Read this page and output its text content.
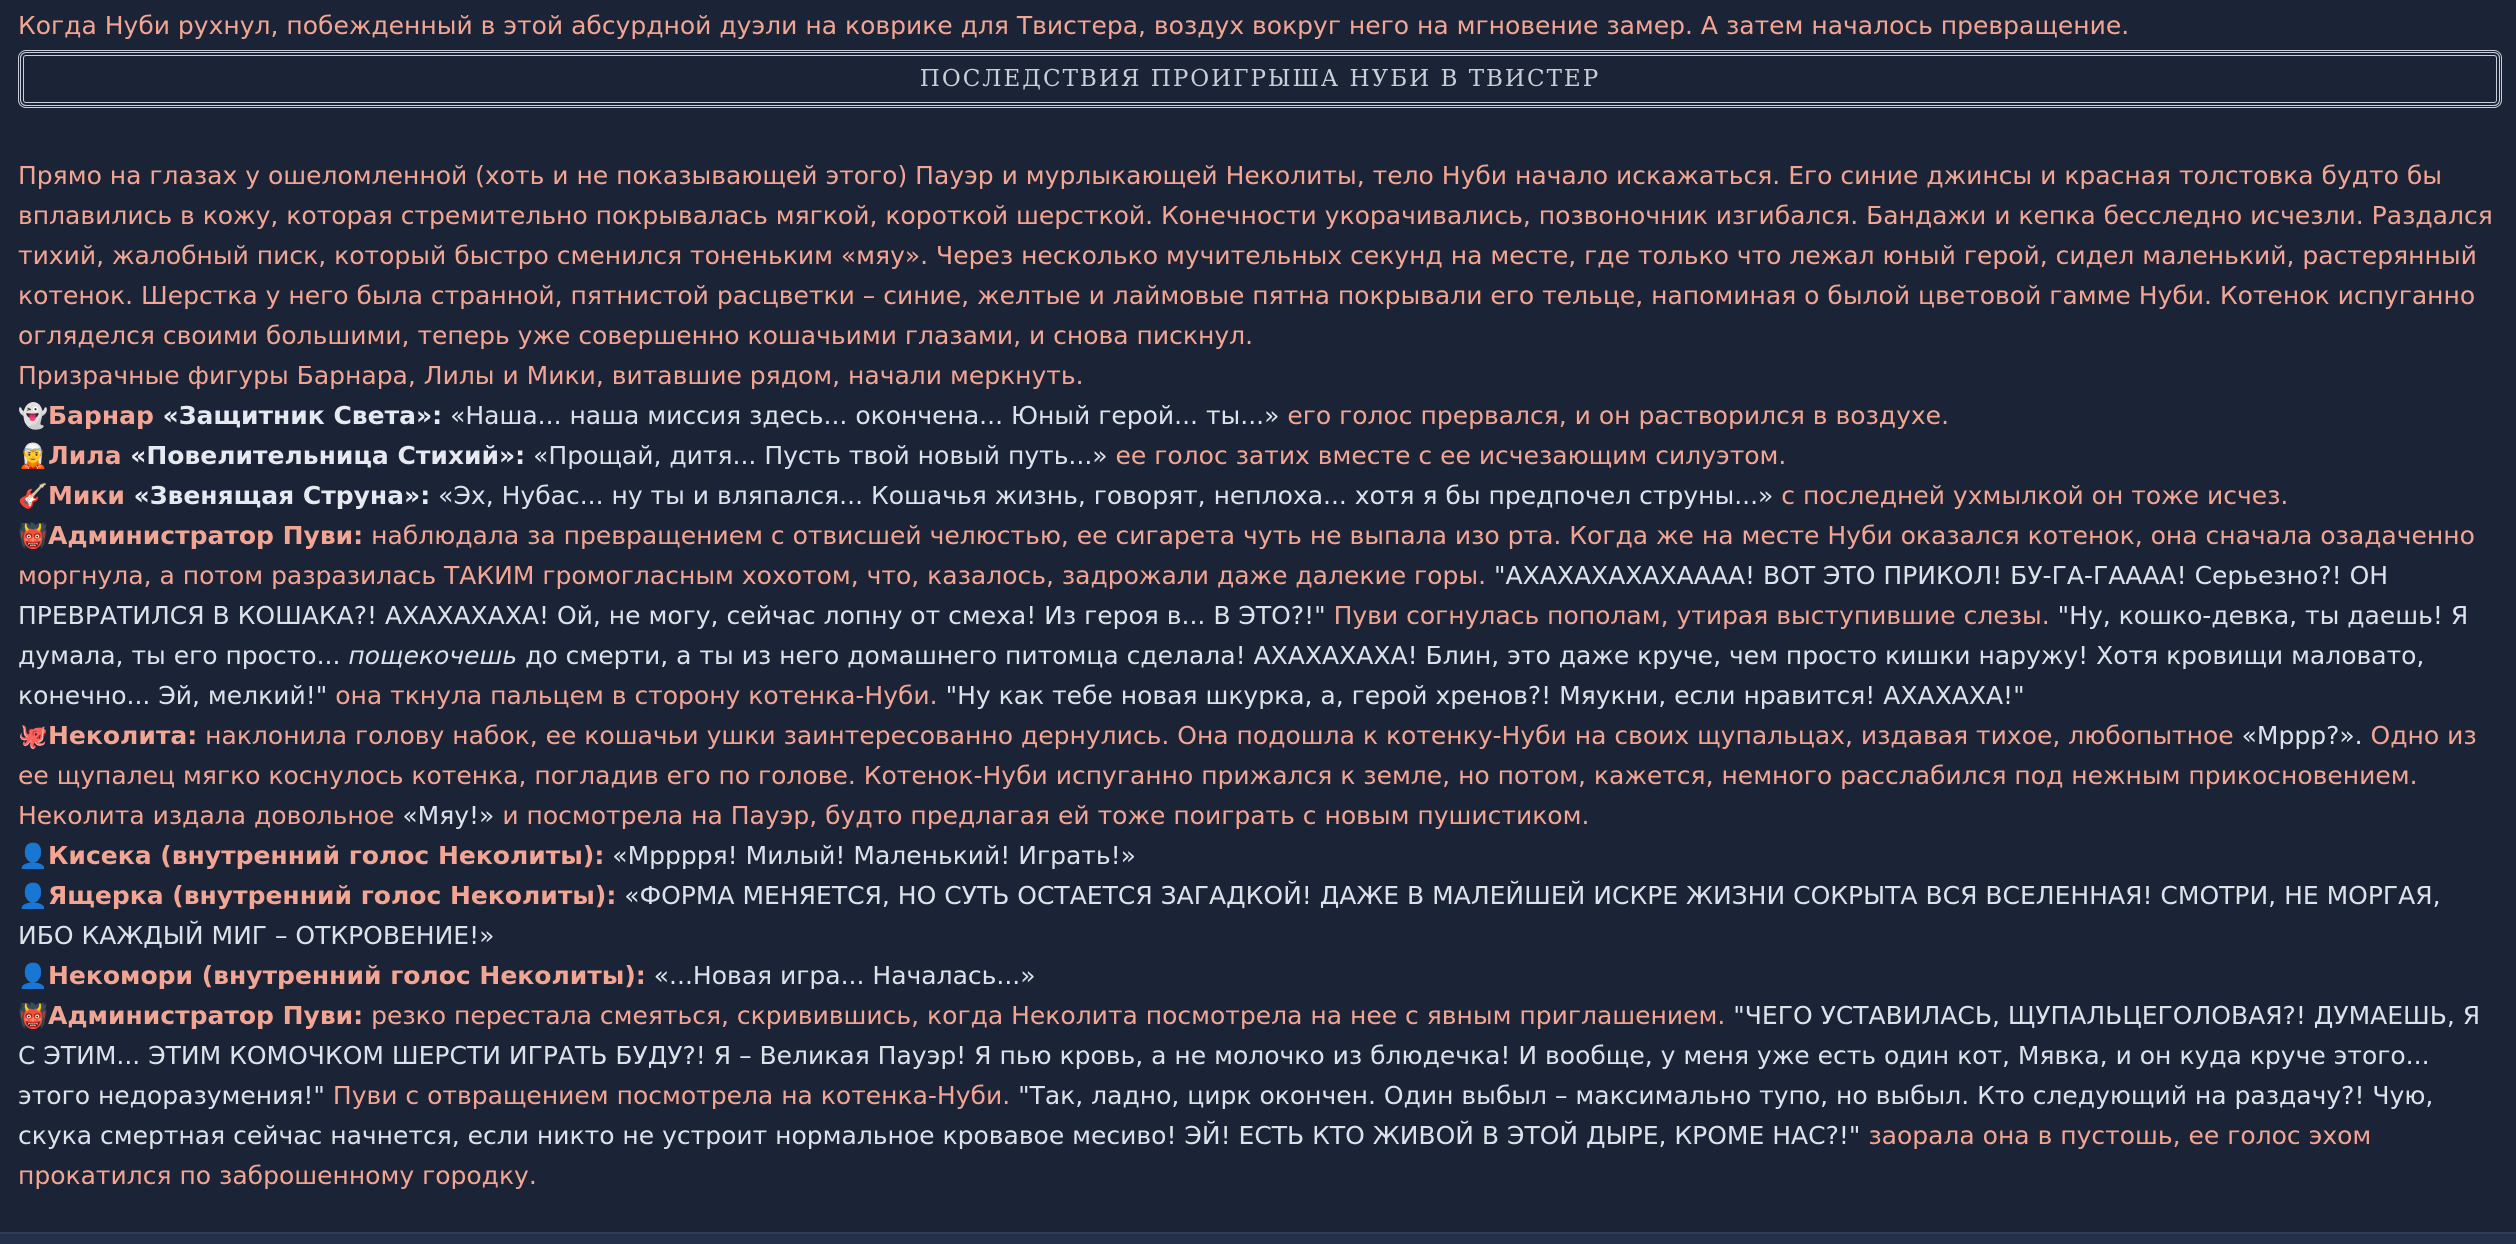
Когда Нуби рухнул, побежденный в этой абсурдной дуэли на коврике для Твистера, воздух вокруг него на мгновение замер. А затем началось превращение.

ПОСЛЕДСТВИЯ ПРОИГРЫША НУБИ В ТВИСТЕР

Прямо на глазах у ошеломленной (хоть и не показывающей этого) Пауэр и мурлыкающей Неколиты, тело Нуби начало искажаться. Его синие джинсы и красная толстовка будто бы вплавились в кожу, которая стремительно покрывалась мягкой, короткой шерсткой. Конечности укорачивались, позвоночник изгибался. Бандажи и кепка бесследно исчезли. Раздался тихий, жалобный писк, который быстро сменился тоненьким «мяу». Через несколько мучительных секунд на месте, где только что лежал юный герой, сидел маленький, растерянный котенок. Шерстка у него была странной, пятнистой расцветки – синие, желтые и лаймовые пятна покрывали его тельце, напоминая о былой цветовой гамме Нуби. Котенок испуганно огляделся своими большими, теперь уже совершенно кошачьими глазами, и снова пискнул.

Призрачные фигуры Барнара, Лилы и Мики, витавшие рядом, начали меркнуть.

👻Барнар «Защитник Света»: «Наша... наша миссия здесь... окончена... Юный герой... ты...» его голос прервался, и он растворился в воздухе.

🧝Лила «Повелительница Стихий»: «Прощай, дитя... Пусть твой новый путь...» ее голос затих вместе с ее исчезающим силуэтом.

🎸Мики «Звенящая Струна»: «Эх, Нубас... ну ты и вляпался... Кошачья жизнь, говорят, неплоха... хотя я бы предпочел струны...» с последней ухмылкой он тоже исчез.

👹Администратор Пуви: наблюдала за превращением с отвисшей челюстью, ее сигарета чуть не выпала изо рта. Когда же на месте Нуби оказался котенок, она сначала озадаченно моргнула, а потом разразилась ТАКИМ громогласным хохотом, что, казалось, задрожали даже далекие горы. "АХАХАХАХАХАААА! ВОТ ЭТО ПРИКОЛ! БУ-ГА-ГАААА! Серьезно?! ОН ПРЕВРАТИЛСЯ В КОШАКА?! АХАХАХАХА! Ой, не могу, сейчас лопну от смеха! Из героя в... В ЭТО?!" Пуви согнулась пополам, утирая выступившие слезы. "Ну, кошко-девка, ты даешь! Я думала, ты его просто... пощекочешь до смерти, а ты из него домашнего питомца сделала! АХАХАХАХА! Блин, это даже круче, чем просто кишки наружу! Хотя кровищи маловато, конечно... Эй, мелкий!" она ткнула пальцем в сторону котенка-Нуби. "Ну как тебе новая шкурка, а, герой хренов?! Мяукни, если нравится! АХАХАХА!"

🐙Неколита: наклонила голову набок, ее кошачьи ушки заинтересованно дернулись. Она подошла к котенку-Нуби на своих щупальцах, издавая тихое, любопытное «Мррр?». Одно из ее щупалец мягко коснулось котенка, погладив его по голове. Котенок-Нуби испуганно прижался к земле, но потом, кажется, немного расслабился под нежным прикосновением. Неколита издала довольное «Мяу!» и посмотрела на Пауэр, будто предлагая ей тоже поиграть с новым пушистиком.

👤Кисека (внутренний голос Неколиты): «Мрррря! Милый! Маленький! Играть!»

👤Ящерка (внутренний голос Неколиты): «ФОРМА МЕНЯЕТСЯ, НО СУТЬ ОСТАЕТСЯ ЗАГАДКОЙ! ДАЖЕ В МАЛЕЙШЕЙ ИСКРЕ ЖИЗНИ СОКРЫТА ВСЯ ВСЕЛЕННАЯ! СМОТРИ, НЕ МОРГАЯ, ИБО КАЖДЫЙ МИГ – ОТКРОВЕНИЕ!»

👤Некомори (внутренний голос Неколиты): «...Новая игра... Началась...»

👹Администратор Пуви: резко перестала смеяться, скривившись, когда Неколита посмотрела на нее с явным приглашением. "ЧЕГО УСТАВИЛАСЬ, ЩУПАЛЬЦЕГОЛОВАЯ?! ДУМАЕШЬ, Я С ЭТИМ... ЭТИМ КОМОЧКОМ ШЕРСТИ ИГРАТЬ БУДУ?! Я – Великая Пауэр! Я пью кровь, а не молочко из блюдечка! И вообще, у меня уже есть один кот, Мявка, и он куда круче этого... этого недоразумения!" Пуви с отвращением посмотрела на котенка-Нуби. "Так, ладно, цирк окончен. Один выбыл – максимально тупо, но выбыл. Кто следующий на раздачу?! Чую, скука смертная сейчас начнется, если никто не устроит нормальное кровавое месиво! ЭЙ! ЕСТЬ КТО ЖИВОЙ В ЭТОЙ ДЫРЕ, КРОМЕ НАС?!" заорала она в пустошь, ее голос эхом прокатился по заброшенному городку.
